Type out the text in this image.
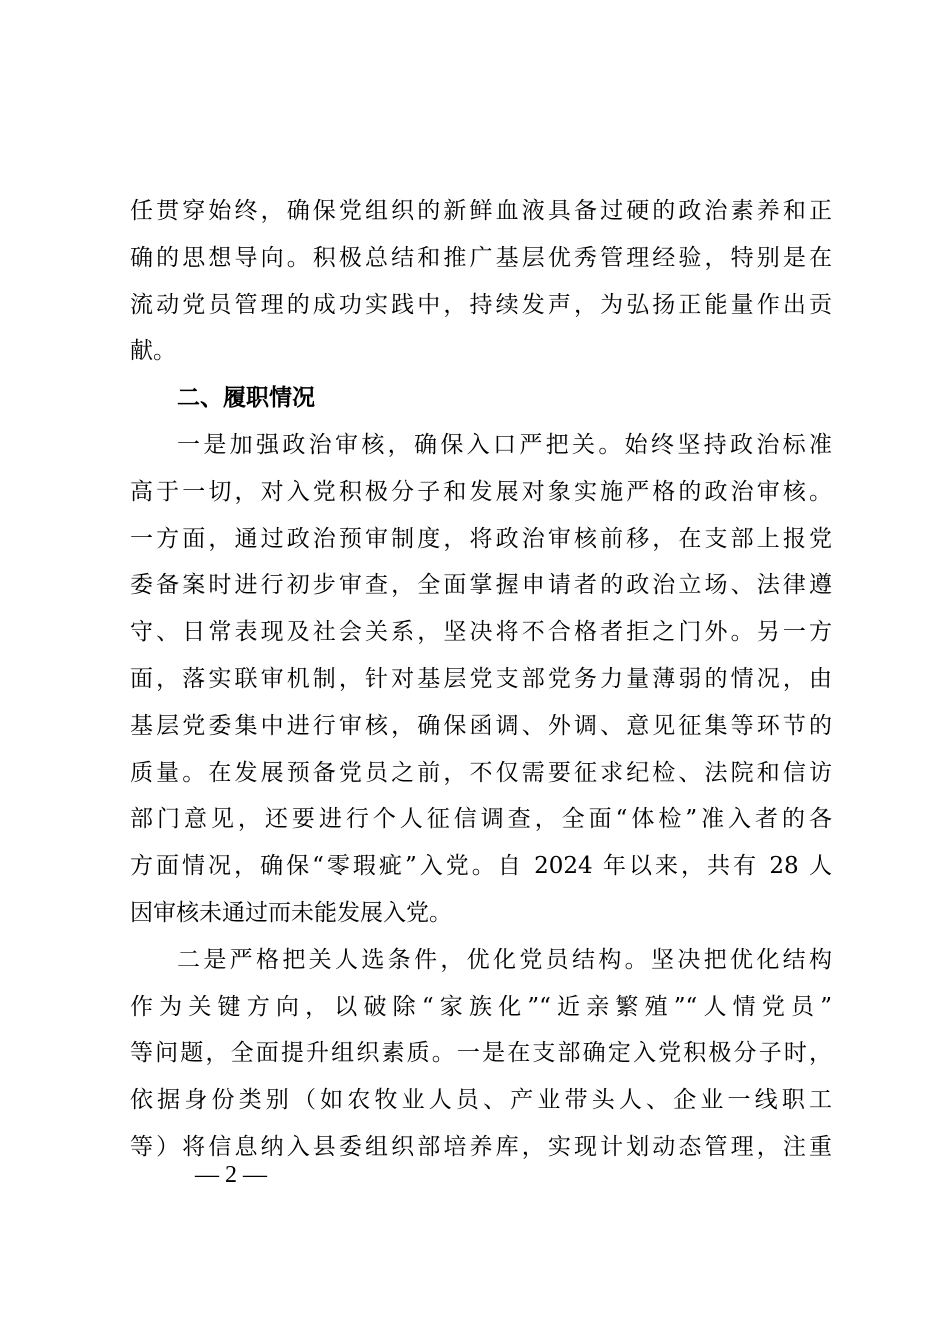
任贯穿始终，确保党组织的新鲜血液具备过硬的政治素养和正
确的思想导向。积极总结和推广基层优秀管理经验，特别是在
流动党员管理的成功实践中，持续发声，为弘扬正能量作出贡
献。
二、履职情况
一是加强政治审核，确保入口严把关。始终坚持政治标准
高于一切，对入党积极分子和发展对象实施严格的政治审核。
一方面，通过政治预审制度，将政治审核前移，在支部上报党
委备案时进行初步审查，全面掌握申请者的政治立场、法律遵
守、日常表现及社会关系，坚决将不合格者拒之门外。另一方
面，落实联审机制，针对基层党支部党务力量薄弱的情况，由
基层党委集中进行审核，确保函调、外调、意见征集等环节的
质量。在发展预备党员之前，不仅需要征求纪检、法院和信访
部门意见，还要进行个人征信调查，全面“体检”准入者的各
方面情况，确保“零瑕疵”入党。自 2024 年以来，共有 28 人
因审核未通过而未能发展入党。
二是严格把关人选条件，优化党员结构。坚决把优化结构
作为关键方向，以破除“家族化”“近亲繁殖”“人情党员”
等问题，全面提升组织素质。一是在支部确定入党积极分子时，
依据身份类别（如农牧业人员、产业带头人、企业一线职工
等）将信息纳入县委组织部培养库，实现计划动态管理，注重
— 2 —
